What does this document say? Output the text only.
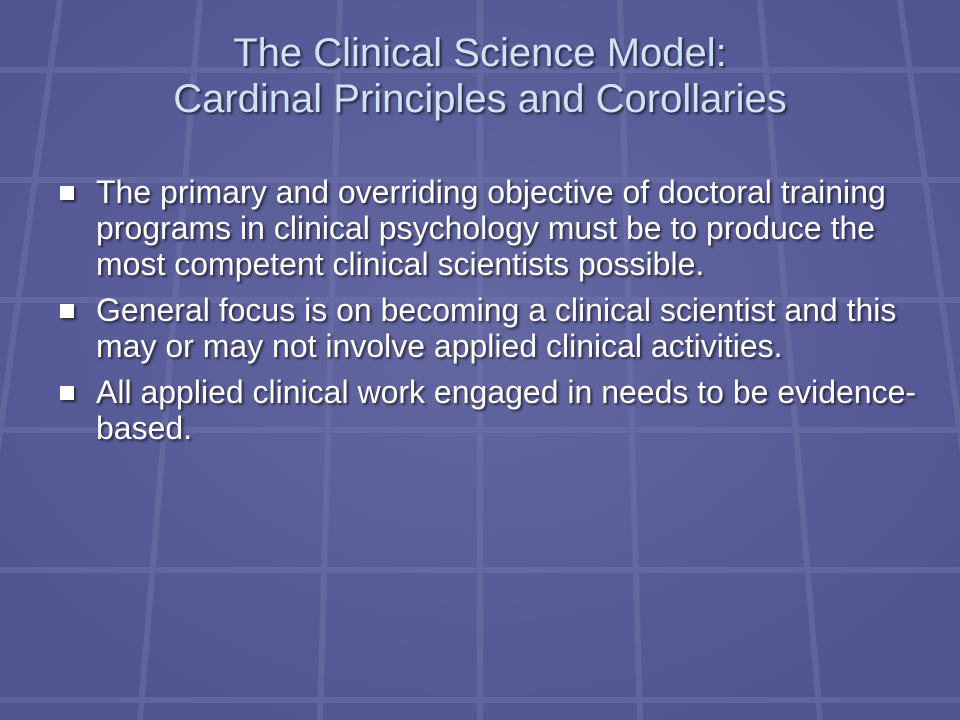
The Clinical Science Model:
Cardinal Principles and Corollaries
The primary and overriding objective of doctoral training programs in clinical psychology must be to produce the most competent clinical scientists possible.
General focus is on becoming a clinical scientist and this may or may not involve applied clinical activities.
All applied clinical work engaged in needs to be evidence-based.
